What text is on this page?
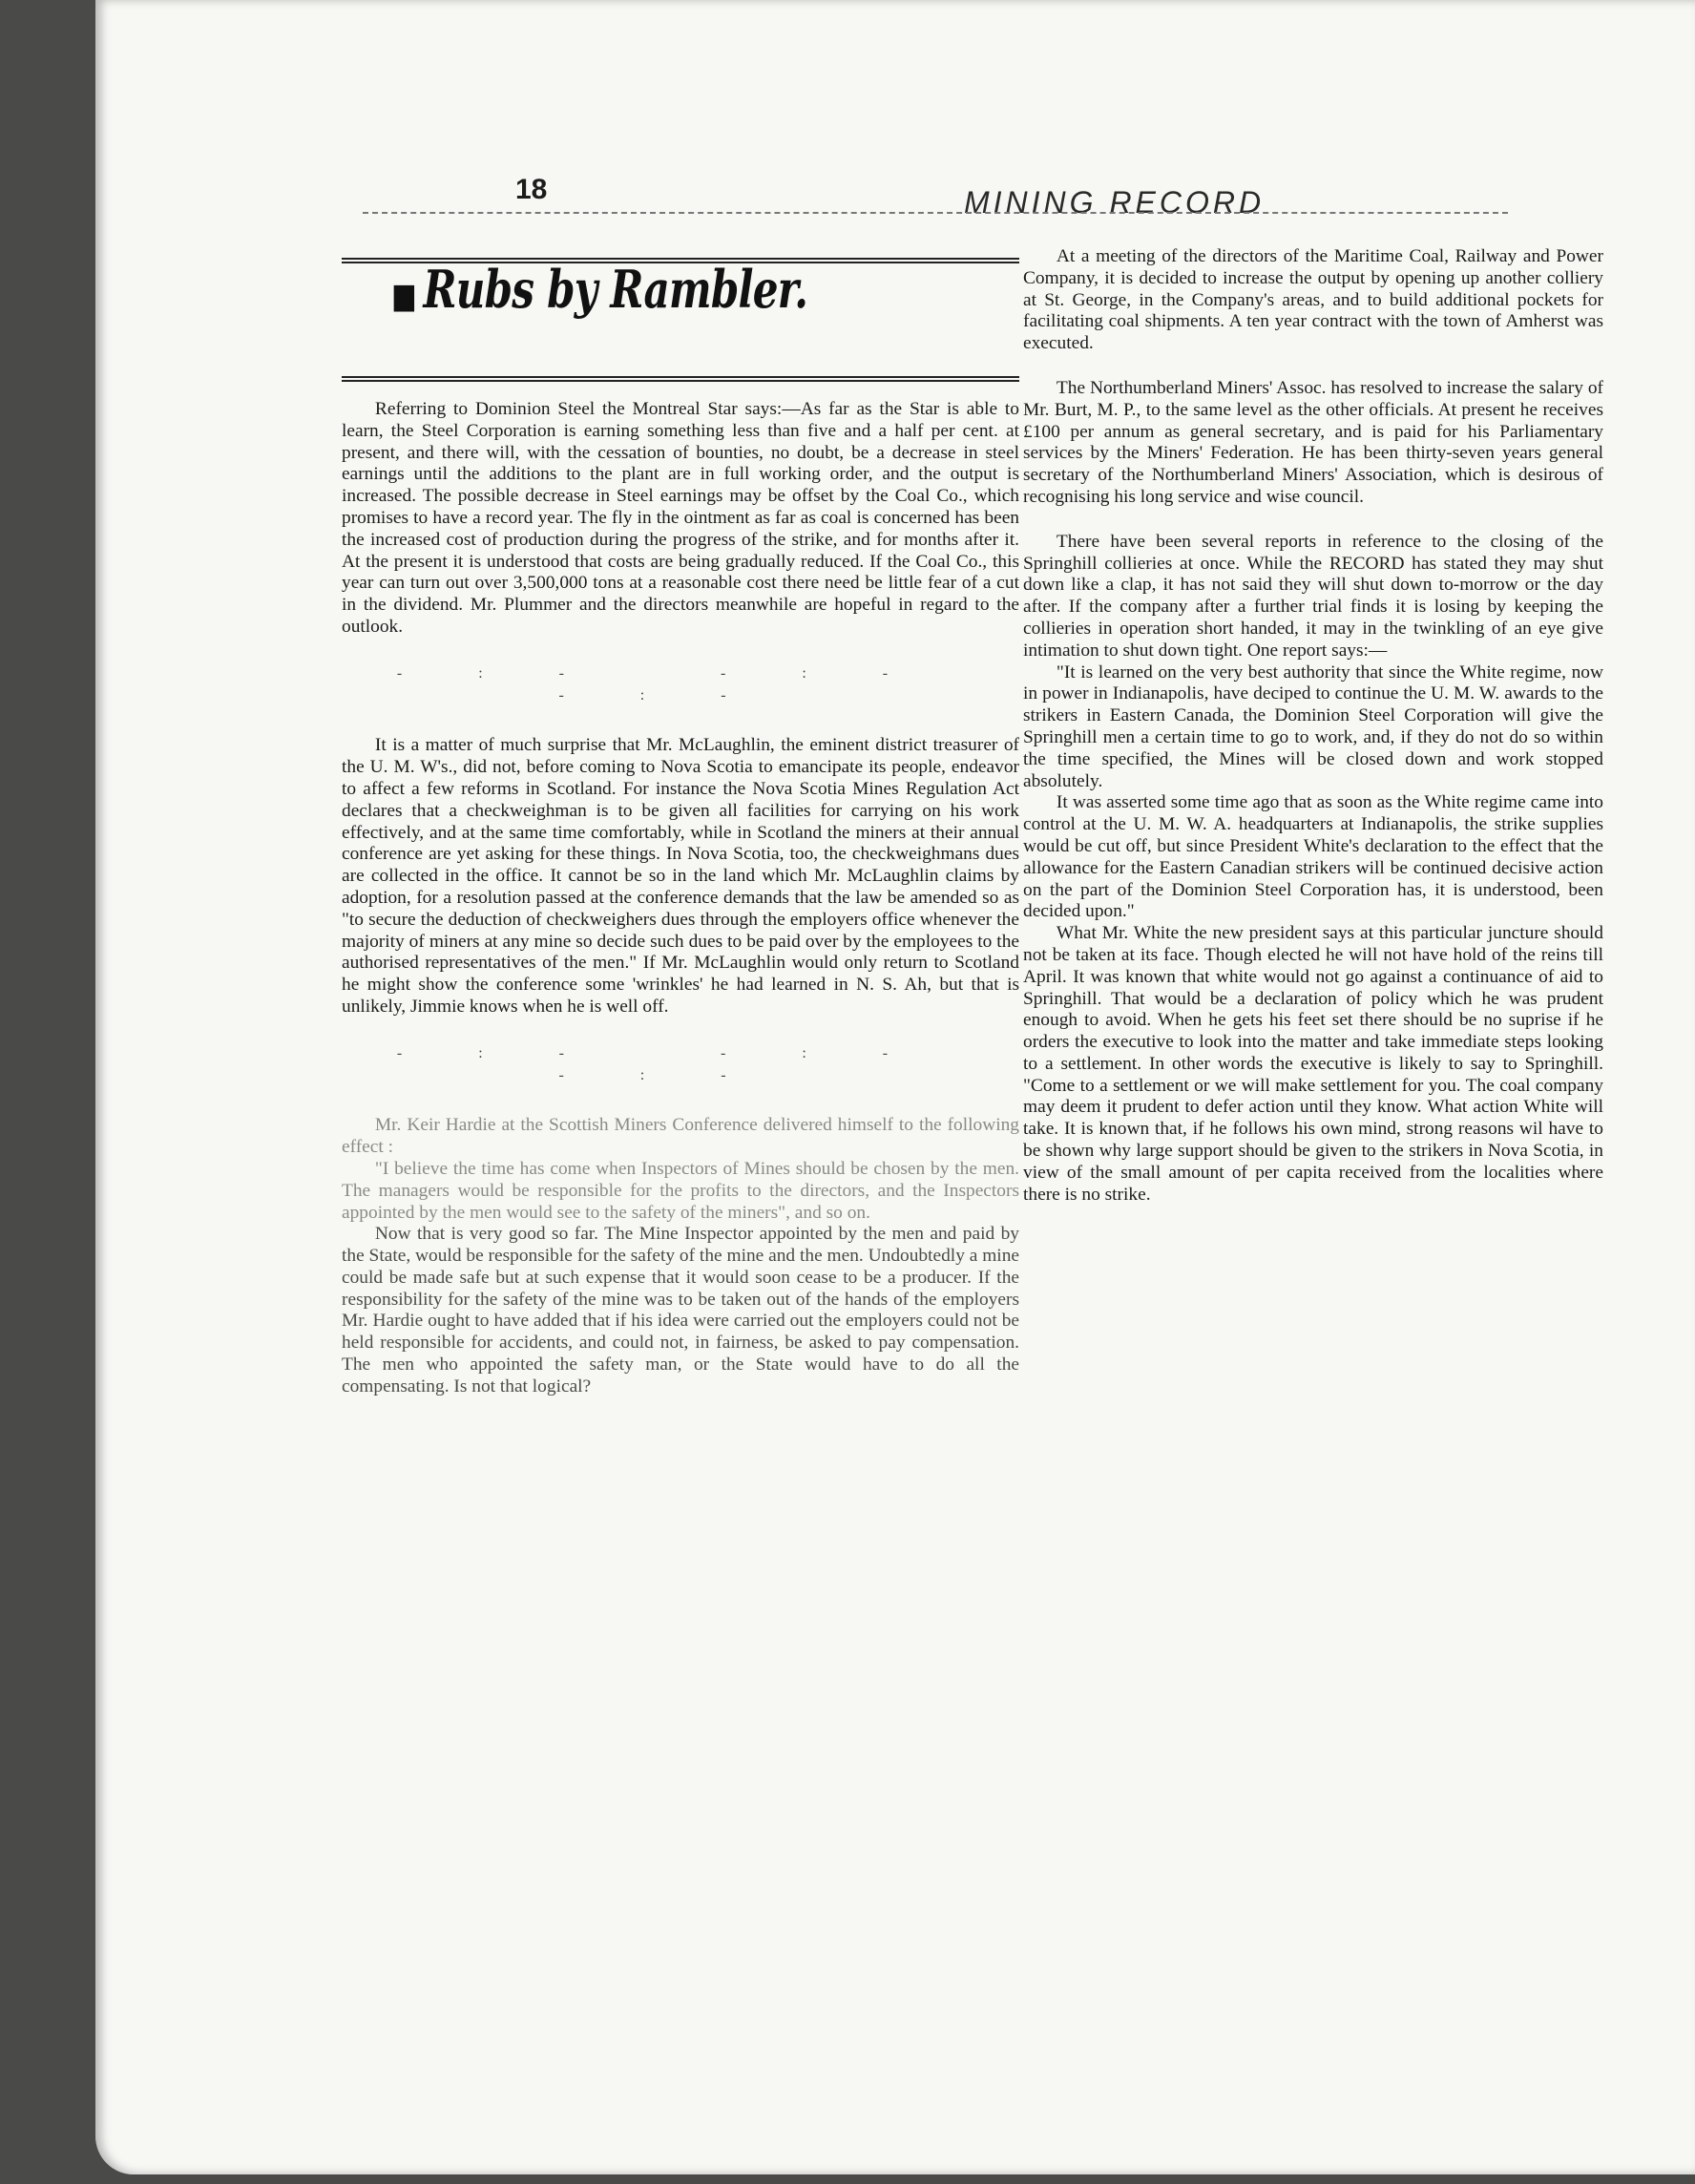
18	MINING RECORD
■ Rubs by Rambler.

Referring to Dominion Steel the Montreal Star says:—As far as the Star is able to learn, the Steel Corporation is earning something less than five and a half per cent. at present, and there will, with the cessation of bounties, no doubt, be a decrease in steel earnings until the additions to the plant are in full working order, and the output is increased. The possible decrease in Steel earnings may be offset by the Coal Co., which promises to have a record year. The fly in the ointment as far as coal is concerned has been the increased cost of production during the progress of the strike, and for months after it. At the present it is understood that costs are being gradually reduced. If the Coal Co., this year can turn out over 3,500,000 tons at a reasonable cost there need be little fear of a cut in the dividend. Mr. Plummer and the directors meanwhile are hopeful in regard to the outlook.

-:- -:- -:-

It is a matter of much surprise that Mr. McLaughlin, the eminent district treasurer of the U. M. W's., did not, before coming to Nova Scotia to emancipate its people, endeavor to affect a few reforms in Scotland. For instance the Nova Scotia Mines Regulation Act declares that a checkweighman is to be given all facilities for carrying on his work effectively, and at the same time comfortably, while in Scotland the miners at their annual conference are yet asking for these things. In Nova Scotia, too, the checkweighmans dues are collected in the office. It cannot be so in the land which Mr. McLaughlin claims by adoption, for a resolution passed at the conference demands that the law be amended so as "to secure the deduction of checkweighers dues through the employers office whenever the majority of miners at any mine so decide such dues to be paid over by the employees to the authorised representatives of the men." If Mr. McLaughlin would only return to Scotland he might show the conference some 'wrinkles' he had learned in N. S. Ah, but that is unlikely, Jimmie knows when he is well off.

-:- -:- -:-

Mr. Keir Hardie at the Scottish Miners Conference delivered himself to the following effect :

"I believe the time has come when Inspectors of Mines should be chosen by the men. The managers would be responsible for the profits to the directors, and the Inspectors appointed by the men would see to the safety of the miners", and so on.

Now that is very good so far. The Mine Inspector appointed by the men and paid by the State, would be responsible for the safety of the mine and the men. Undoubtedly a mine could be made safe but at such expense that it would soon cease to be a producer. If the responsibility for the safety of the mine was to be taken out of the hands of the employers Mr. Hardie ought to have added that if his idea were carried out the employers could not be held responsible for accidents, and could not, in fairness, be asked to pay compensation. The men who appointed the safety man, or the State would have to do all the compensating. Is not that logical?

At a meeting of the directors of the Maritime Coal, Railway and Power Company, it is decided to increase the output by opening up another colliery at St. George, in the Company's areas, and to build additional pockets for facilitating coal shipments. A ten year contract with the town of Amherst was executed.

The Northumberland Miners' Assoc. has resolved to increase the salary of Mr. Burt, M. P., to the same level as the other officials. At present he receives £100 per annum as general secretary, and is paid for his Parliamentary services by the Miners' Federation. He has been thirty-seven years general secretary of the Northumberland Miners' Association, which is desirous of recognising his long service and wise council.

There have been several reports in reference to the closing of the Springhill collieries at once. While the RECORD has stated they may shut down like a clap, it has not said they will shut down to-morrow or the day after. If the company after a further trial finds it is losing by keeping the collieries in operation short handed, it may in the twinkling of an eye give intimation to shut down tight. One report says:—

"It is learned on the very best authority that since the White regime, now in power in Indianapolis, have deciped to continue the U. M. W. awards to the strikers in Eastern Canada, the Dominion Steel Corporation will give the Springhill men a certain time to go to work, and, if they do not do so within the time specified, the Mines will be closed down and work stopped absolutely.

It was asserted some time ago that as soon as the White regime came into control at the U. M. W. A. headquarters at Indianapolis, the strike supplies would be cut off, but since President White's declaration to the effect that the allowance for the Eastern Canadian strikers will be continued decisive action on the part of the Dominion Steel Corporation has, it is understood, been decided upon."

What Mr. White the new president says at this particular juncture should not be taken at its face. Though elected he will not have hold of the reins till April. It was known that white would not go against a continuance of aid to Springhill. That would be a declaration of policy which he was prudent enough to avoid. When he gets his feet set there should be no suprise if he orders the executive to look into the matter and take immediate steps looking to a settlement. In other words the executive is likely to say to Springhill. "Come to a settlement or we will make settlement for you. The coal company may deem it prudent to defer action until they know. What action White will take. It is known that, if he follows his own mind, strong reasons wil have to be shown why large support should be given to the strikers in Nova Scotia, in view of the small amount of per capita received from the localities where there is no strike.
